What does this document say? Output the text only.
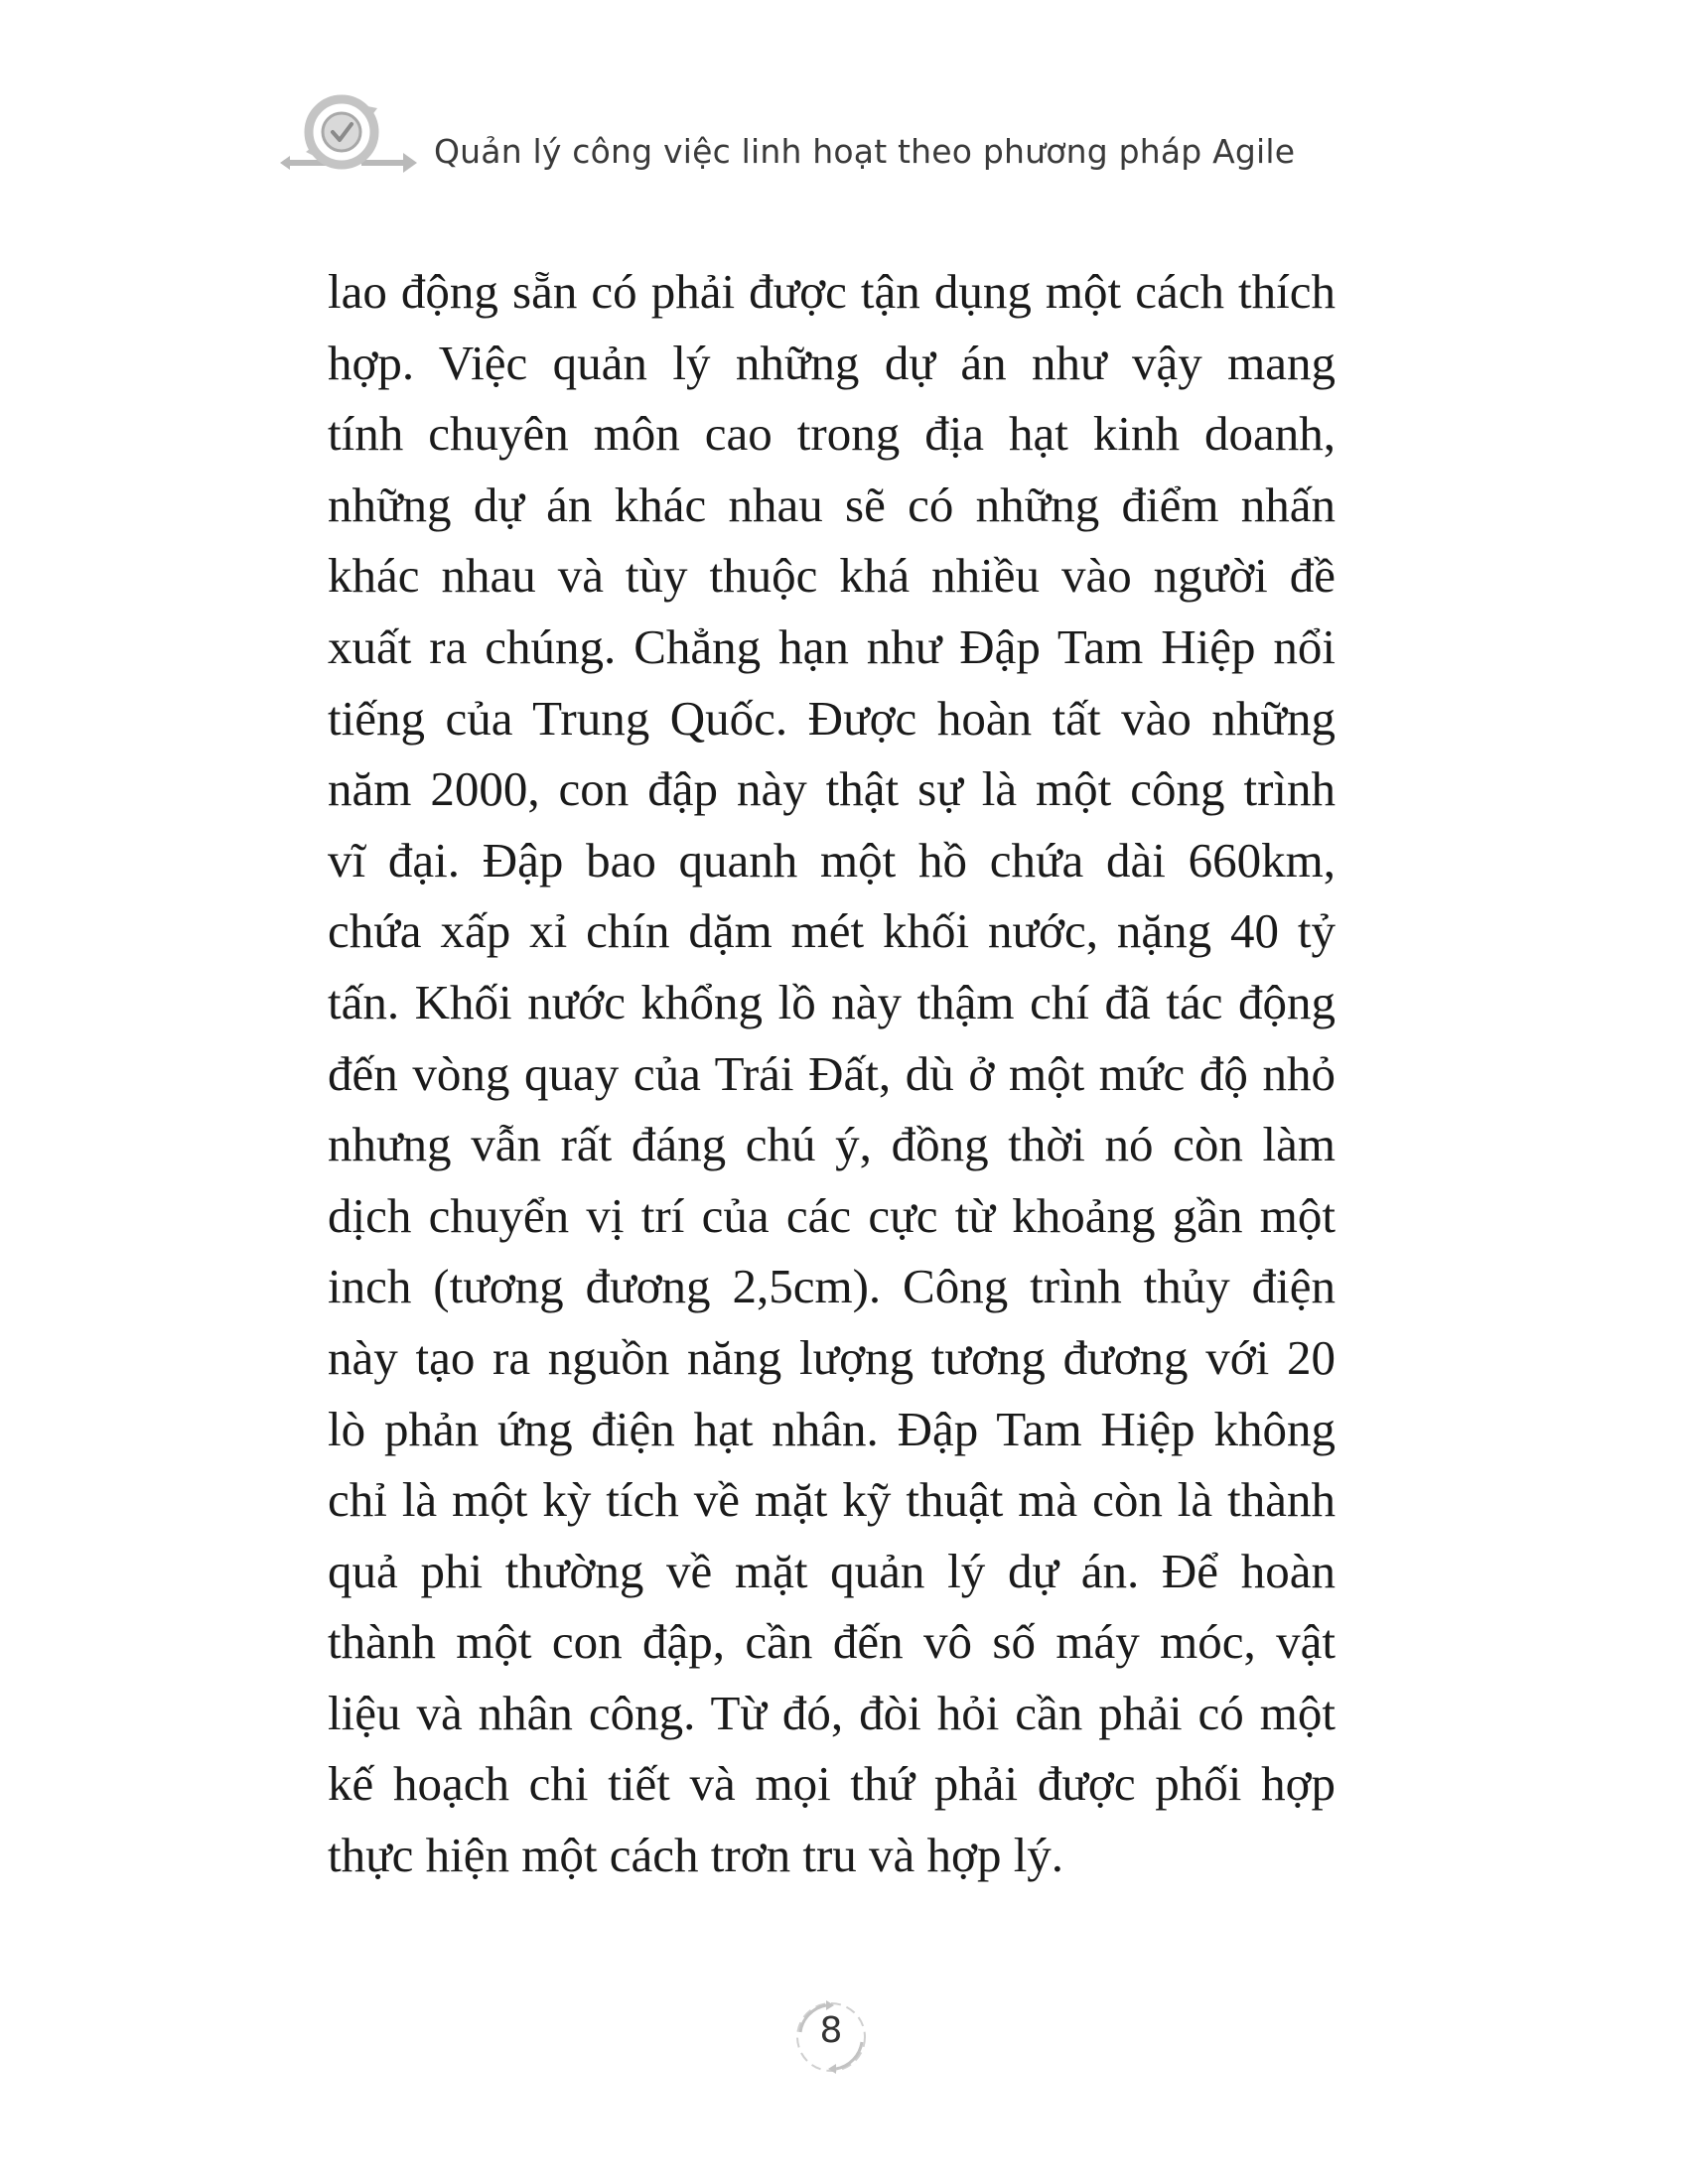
Quản lý công việc linh hoạt theo phương pháp Agile
lao động sẵn có phải được tận dụng một cách thích
hợp. Việc quản lý những dự án như vậy mang
tính chuyên môn cao trong địa hạt kinh doanh,
những dự án khác nhau sẽ có những điểm nhấn
khác nhau và tùy thuộc khá nhiều vào người đề
xuất ra chúng. Chẳng hạn như Đập Tam Hiệp nổi
tiếng của Trung Quốc. Được hoàn tất vào những
năm 2000, con đập này thật sự là một công trình
vĩ đại. Đập bao quanh một hồ chứa dài 660km,
chứa xấp xỉ chín dặm mét khối nước, nặng 40 tỷ
tấn. Khối nước khổng lồ này thậm chí đã tác động
đến vòng quay của Trái Đất, dù ở một mức độ nhỏ
nhưng vẫn rất đáng chú ý, đồng thời nó còn làm
dịch chuyển vị trí của các cực từ khoảng gần một
inch (tương đương 2,5cm). Công trình thủy điện
này tạo ra nguồn năng lượng tương đương với 20
lò phản ứng điện hạt nhân. Đập Tam Hiệp không
chỉ là một kỳ tích về mặt kỹ thuật mà còn là thành
quả phi thường về mặt quản lý dự án. Để hoàn
thành một con đập, cần đến vô số máy móc, vật
liệu và nhân công. Từ đó, đòi hỏi cần phải có một
kế hoạch chi tiết và mọi thứ phải được phối hợp
thực hiện một cách trơn tru và hợp lý.
8
